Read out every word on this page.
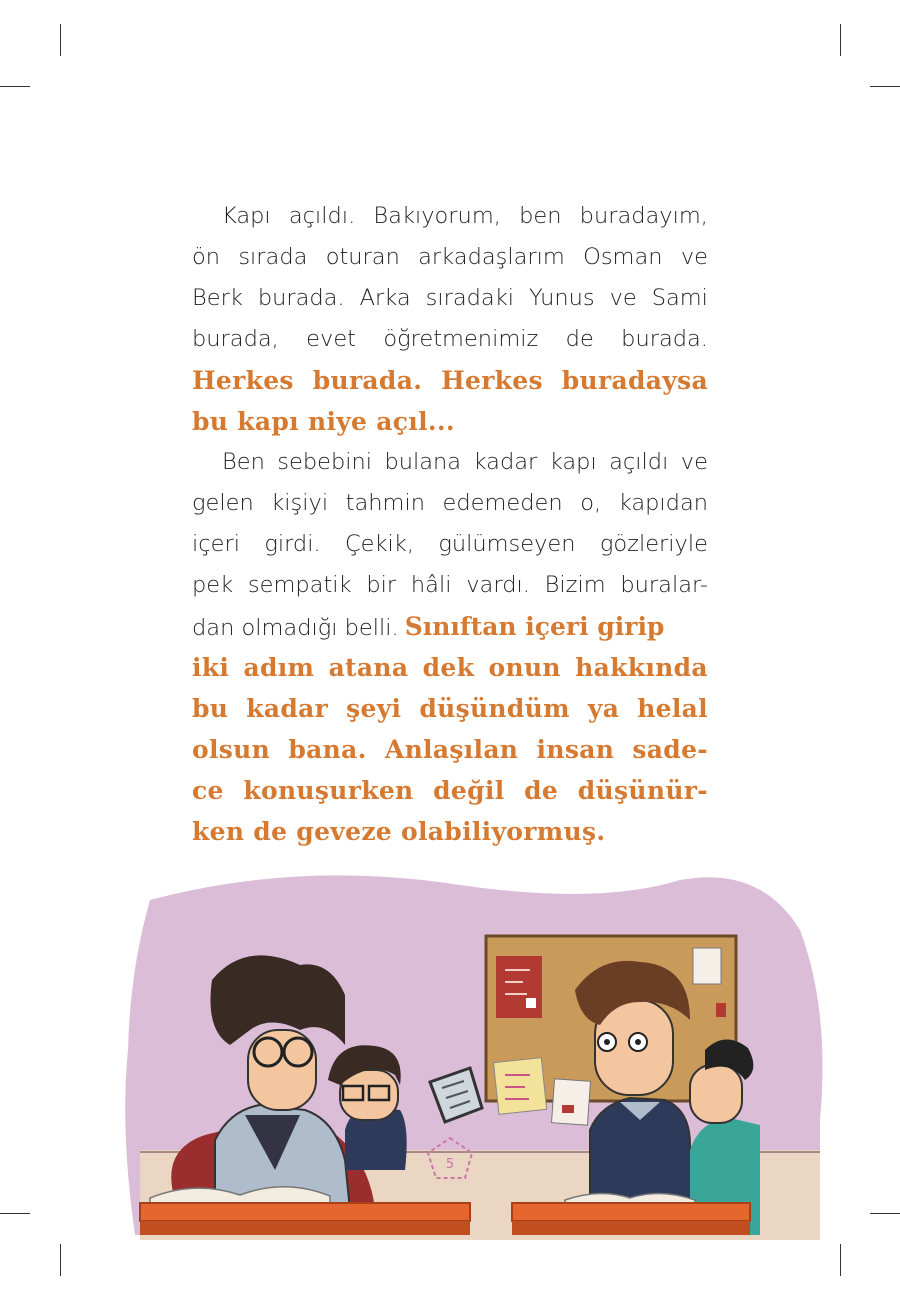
Kapı açıldı. Bakıyorum, ben buradayım,
ön sırada oturan arkadaşlarım Osman ve
Berk burada. Arka sıradaki Yunus ve Sami
burada, evet öğretmenimiz de burada.
Herkes burada. Herkes buradaysa
bu kapı niye açıl...
Ben sebebini bulana kadar kapı açıldı ve
gelen kişiyi tahmin edemeden o, kapıdan
içeri girdi. Çekik, gülümseyen gözleriyle
pek sempatik bir hâli vardı. Bizim buralar-
dan olmadığı belli. Sınıftan içeri girip
iki adım atana dek onun hakkında
bu kadar şeyi düşündüm ya helal
olsun bana. Anlaşılan insan sade-
ce konuşurken değil de düşünür-
ken de geveze olabiliyormuş.
5
